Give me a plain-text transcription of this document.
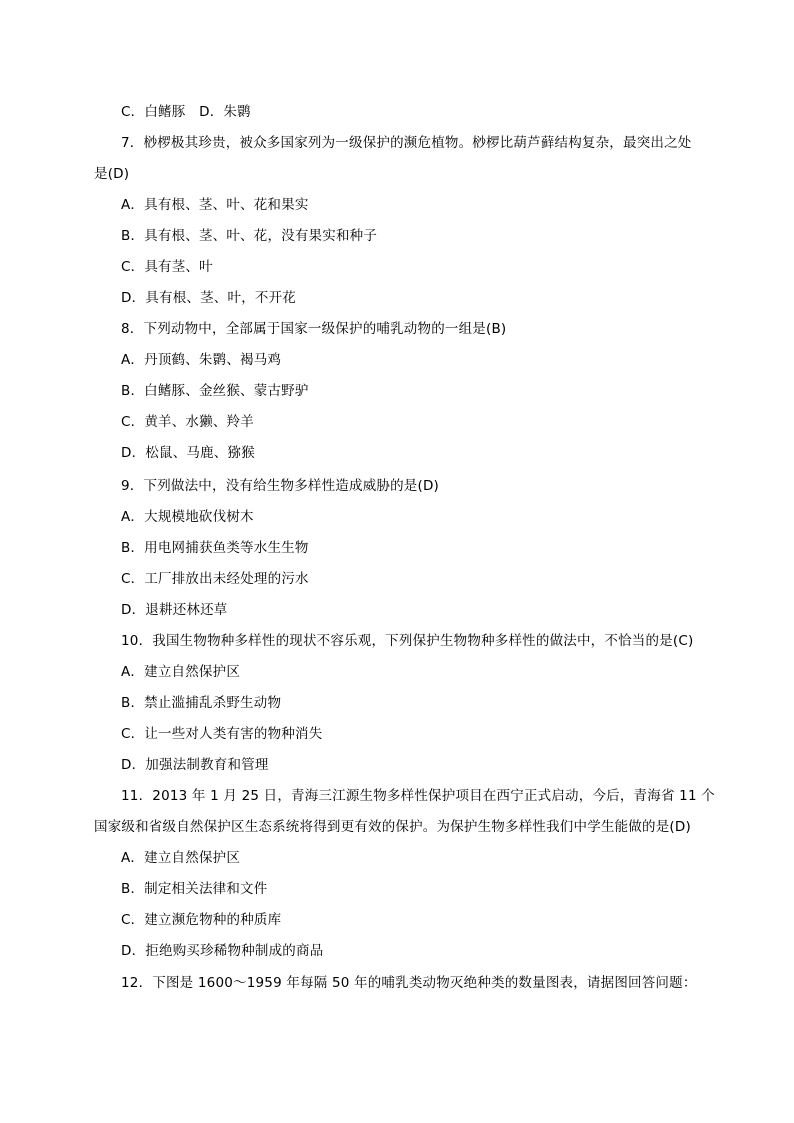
C．白鳍豚　D．朱鹮
7．桫椤极其珍贵，被众多国家列为一级保护的濒危植物。桫椤比葫芦藓结构复杂，最突出之处
是(D)
A．具有根、茎、叶、花和果实
B．具有根、茎、叶、花，没有果实和种子
C．具有茎、叶
D．具有根、茎、叶，不开花
8．下列动物中，全部属于国家一级保护的哺乳动物的一组是(B)
A．丹顶鹤、朱鹮、褐马鸡
B．白鳍豚、金丝猴、蒙古野驴
C．黄羊、水獭、羚羊
D．松鼠、马鹿、猕猴
9．下列做法中，没有给生物多样性造成威胁的是(D)
A．大规模地砍伐树木
B．用电网捕获鱼类等水生生物
C．工厂排放出未经处理的污水
D．退耕还林还草
10．我国生物物种多样性的现状不容乐观，下列保护生物物种多样性的做法中，不恰当的是(C)
A．建立自然保护区
B．禁止滥捕乱杀野生动物
C．让一些对人类有害的物种消失
D．加强法制教育和管理
11．2013 年 1 月 25 日，青海三江源生物多样性保护项目在西宁正式启动，今后，青海省 11 个
国家级和省级自然保护区生态系统将得到更有效的保护。为保护生物多样性我们中学生能做的是(D)
A．建立自然保护区
B．制定相关法律和文件
C．建立濒危物种的种质库
D．拒绝购买珍稀物种制成的商品
12．下图是 1600～1959 年每隔 50 年的哺乳类动物灭绝种类的数量图表，请据图回答问题：
